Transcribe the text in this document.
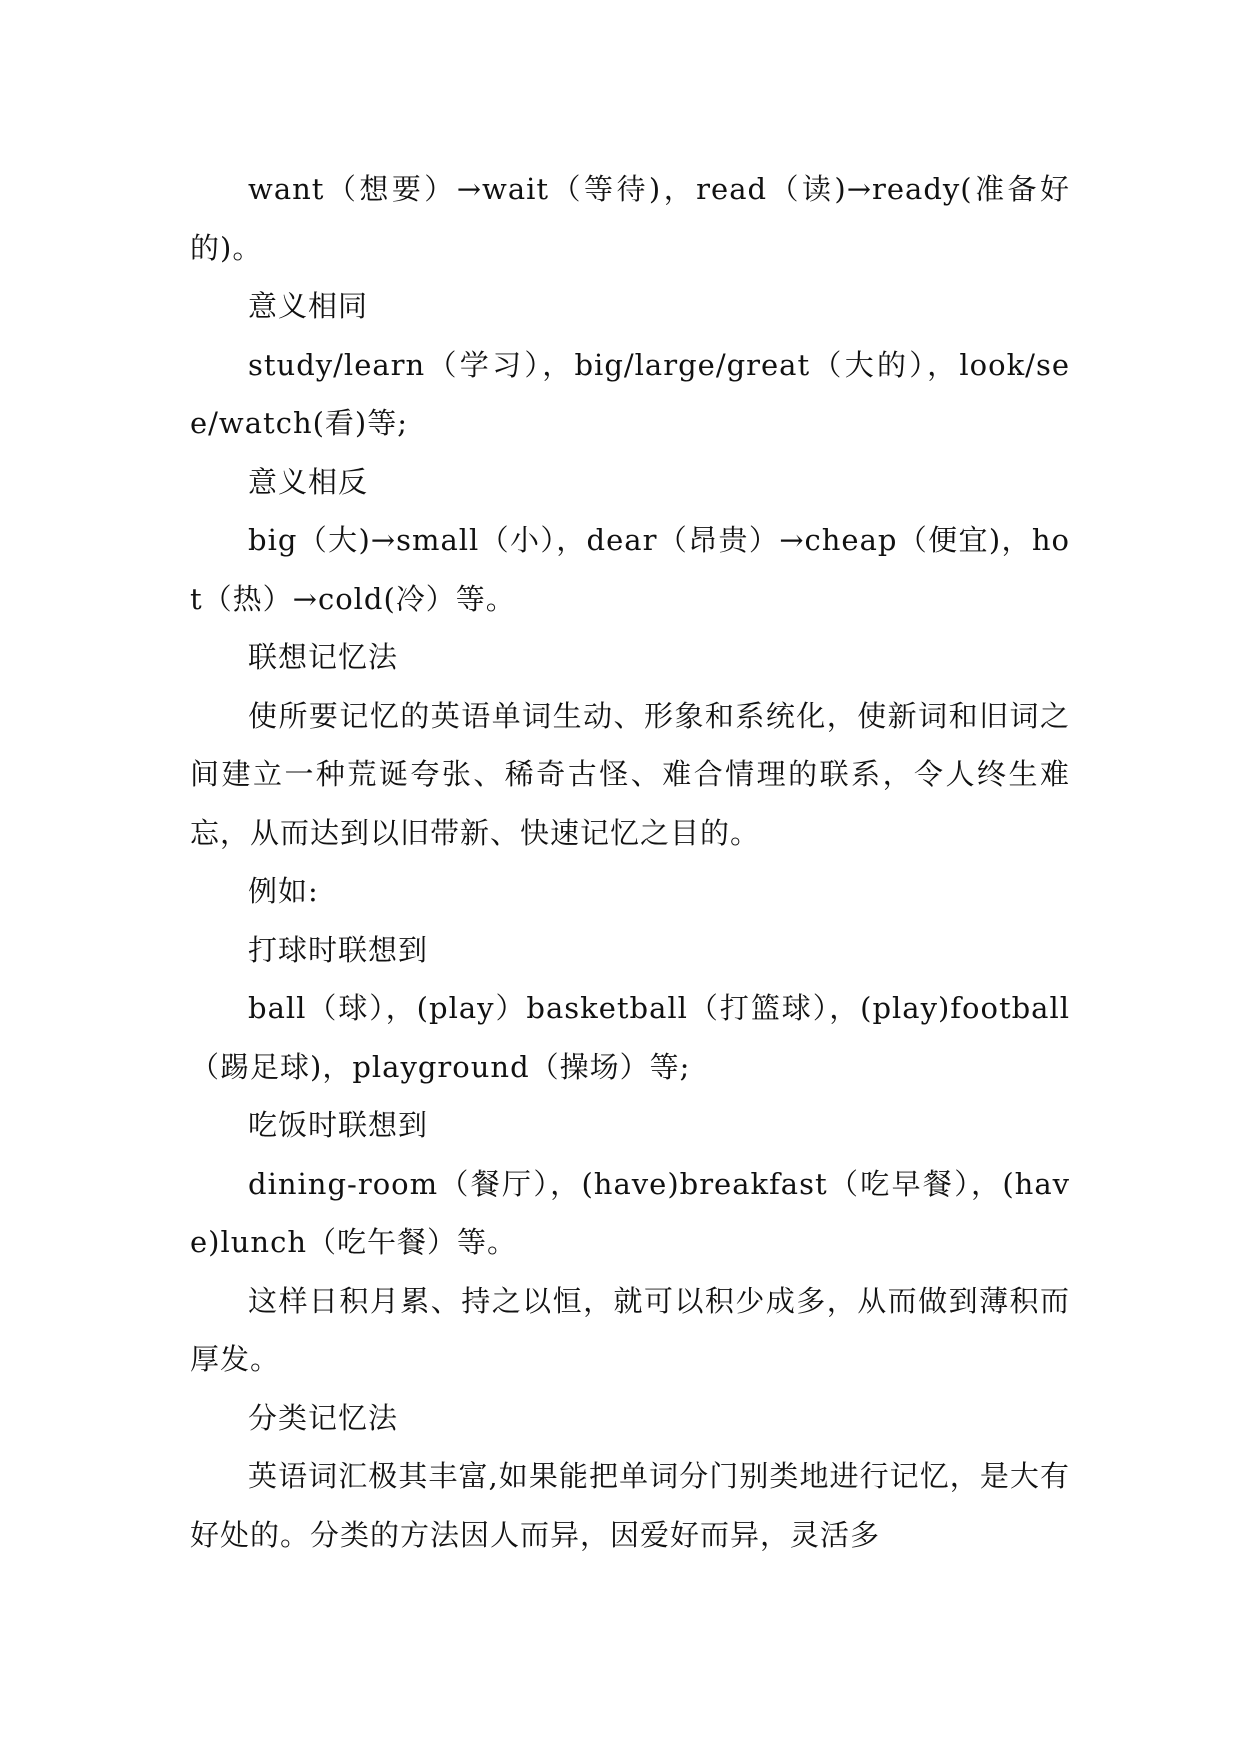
want（想要）→wait（等待)，read（读)→ready(准备好的)。

意义相同

study/learn（学习），big/large/great（大的），look/see/watch(看)等;

意义相反

big（大)→small（小），dear（昂贵）→cheap（便宜)，hot（热）→cold(冷）等。

联想记忆法

使所要记忆的英语单词生动、形象和系统化，使新词和旧词之间建立一种荒诞夸张、稀奇古怪、难合情理的联系，令人终生难忘，从而达到以旧带新、快速记忆之目的。

例如:

打球时联想到

ball（球），(play）basketball（打篮球），(play)football（踢足球)，playground（操场）等;

吃饭时联想到

dining-room（餐厅），(have)breakfast（吃早餐），(have)lunch（吃午餐）等。

这样日积月累、持之以恒，就可以积少成多，从而做到薄积而厚发。

分类记忆法

英语词汇极其丰富,如果能把单词分门别类地进行记忆，是大有好处的。分类的方法因人而异，因爱好而异，灵活多
